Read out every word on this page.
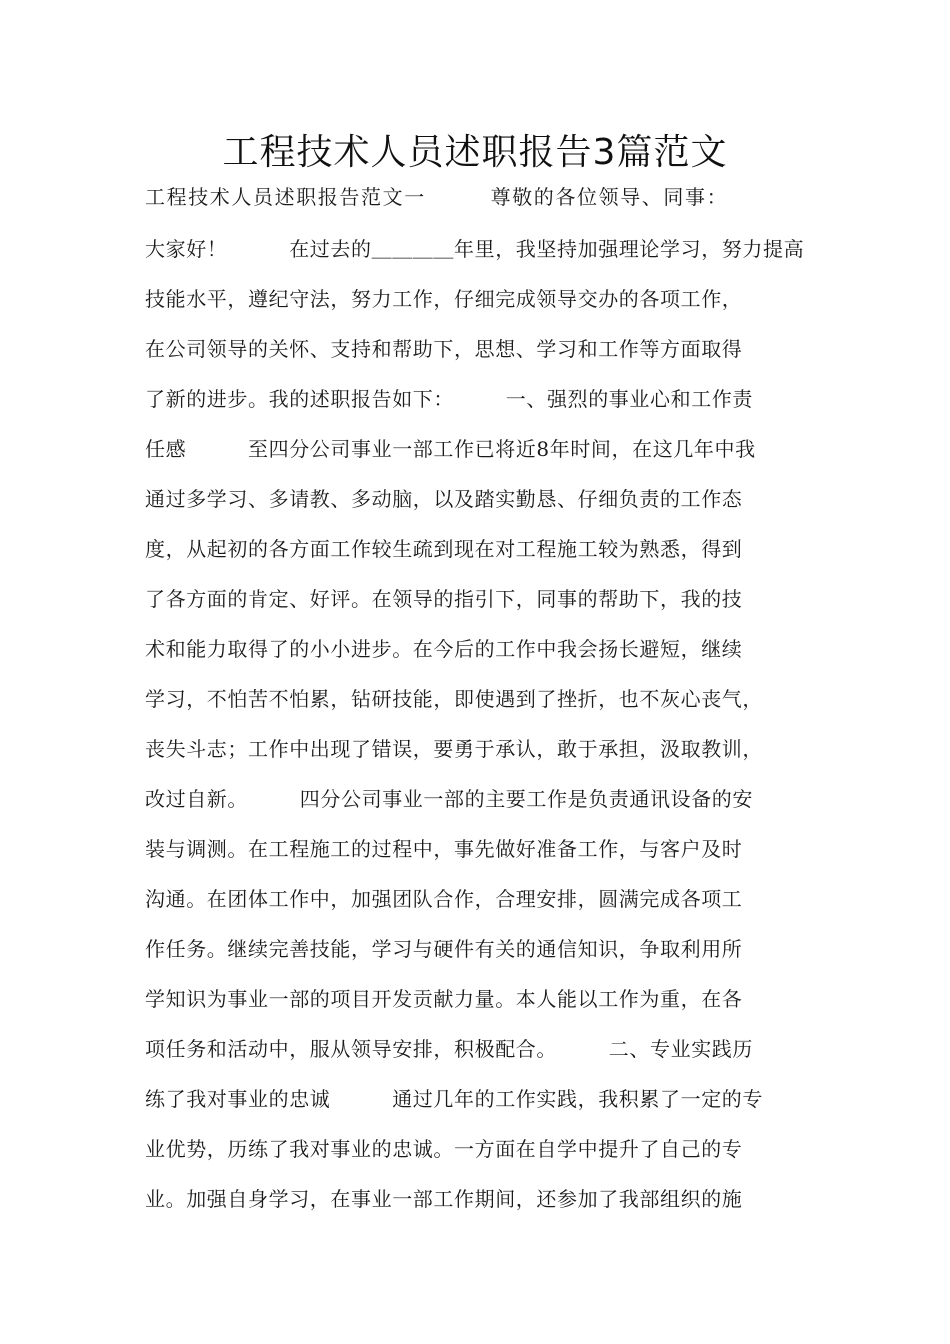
工程技术人员述职报告3篇范文
工程技术人员述职报告范文一　　　尊敬的各位领导、同事：
大家好！　　　在过去的＿＿＿＿年里，我坚持加强理论学习，努力提高
技能水平，遵纪守法，努力工作，仔细完成领导交办的各项工作，
在公司领导的关怀、支持和帮助下，思想、学习和工作等方面取得
了新的进步。我的述职报告如下：　　　一、强烈的事业心和工作责
任感　　　至四分公司事业一部工作已将近8年时间，在这几年中我
通过多学习、多请教、多动脑，以及踏实勤恳、仔细负责的工作态
度，从起初的各方面工作较生疏到现在对工程施工较为熟悉，得到
了各方面的肯定、好评。在领导的指引下，同事的帮助下，我的技
术和能力取得了的小小进步。在今后的工作中我会扬长避短，继续
学习，不怕苦不怕累，钻研技能，即使遇到了挫折，也不灰心丧气，
丧失斗志；工作中出现了错误，要勇于承认，敢于承担，汲取教训，
改过自新。　　　四分公司事业一部的主要工作是负责通讯设备的安
装与调测。在工程施工的过程中，事先做好准备工作，与客户及时
沟通。在团体工作中，加强团队合作，合理安排，圆满完成各项工
作任务。继续完善技能，学习与硬件有关的通信知识，争取利用所
学知识为事业一部的项目开发贡献力量。本人能以工作为重，在各
项任务和活动中，服从领导安排，积极配合。　　　二、专业实践历
练了我对事业的忠诚　　　通过几年的工作实践，我积累了一定的专
业优势，历练了我对事业的忠诚。一方面在自学中提升了自己的专
业。加强自身学习，在事业一部工作期间，还参加了我部组织的施
